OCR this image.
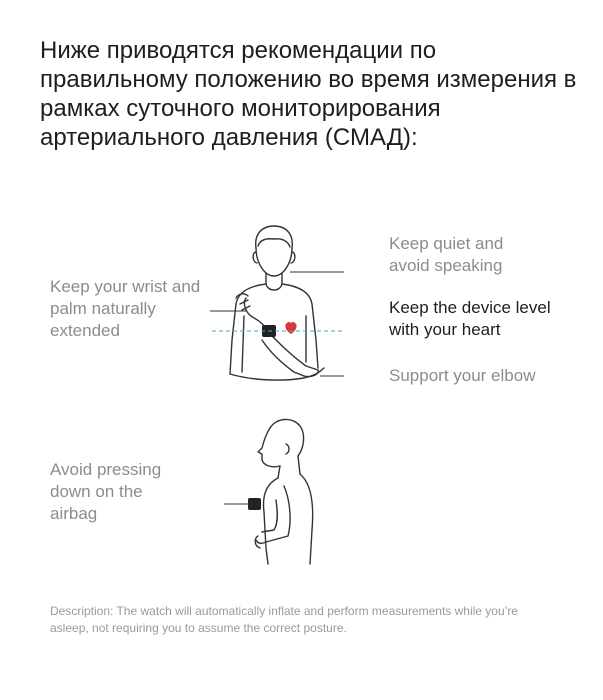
Ниже приводятся рекомендации по правильному положению во время измерения в рамках суточного мониторирования артериального давления (СМАД):
Keep quiet and avoid speaking
Keep your wrist and palm naturally extended
Keep the device level with your heart
Support your elbow
Avoid pressing down on the airbag
Description: The watch will automatically inflate and perform measurements while you’re asleep, not requiring you to assume the correct posture.
